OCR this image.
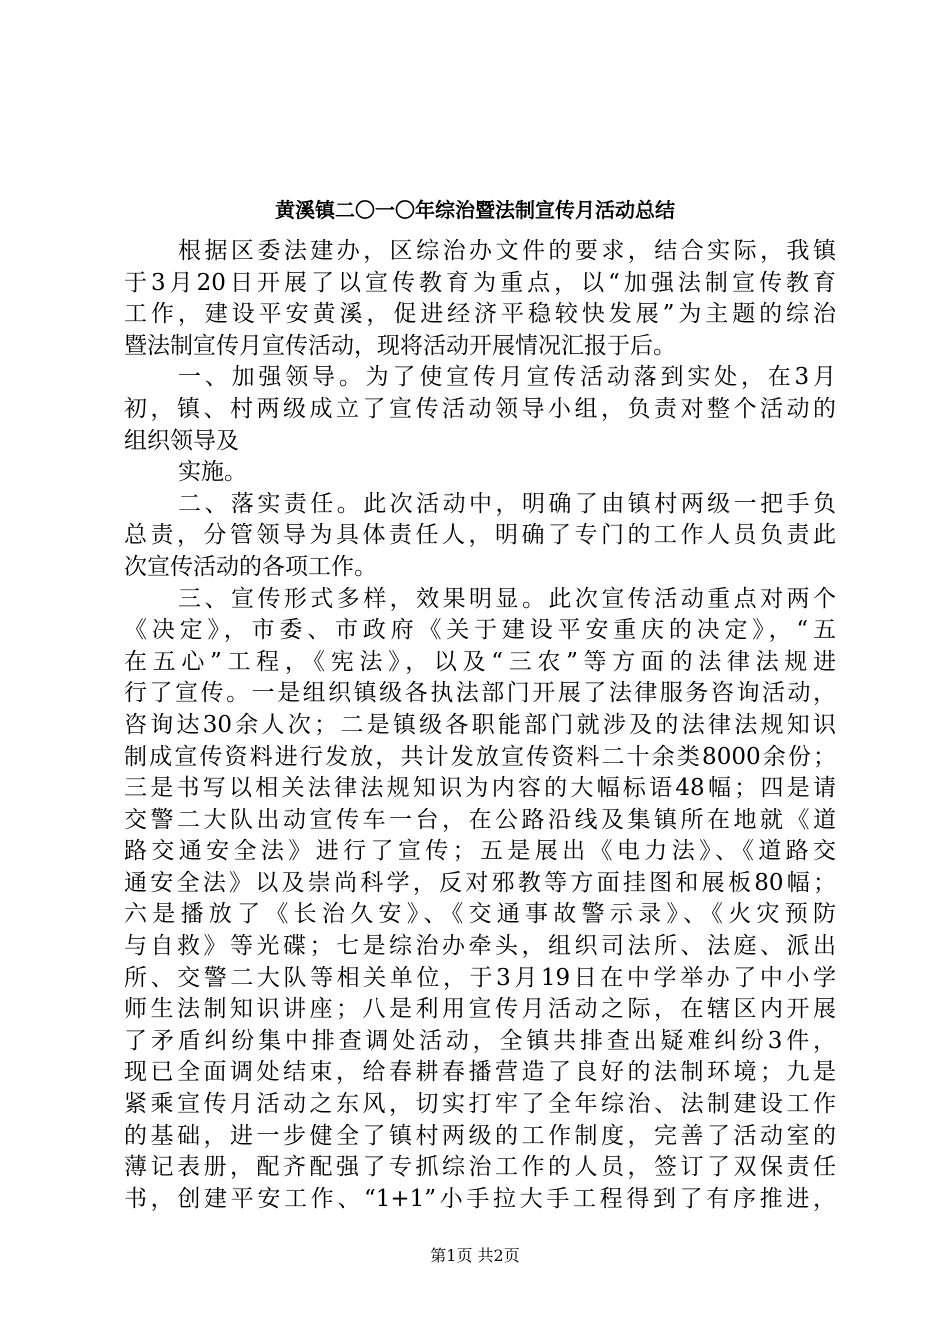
黄溪镇二〇一〇年综治暨法制宣传月活动总结
根据区委法建办，区综治办文件的要求，结合实际，我镇
于3月20日开展了以宣传教育为重点，以“加强法制宣传教育
工作，建设平安黄溪，促进经济平稳较快发展”为主题的综治
暨法制宣传月宣传活动，现将活动开展情况汇报于后。
一、加强领导。为了使宣传月宣传活动落到实处，在3月
初，镇、村两级成立了宣传活动领导小组，负责对整个活动的
组织领导及
实施。
二、落实责任。此次活动中，明确了由镇村两级一把手负
总责，分管领导为具体责任人，明确了专门的工作人员负责此
次宣传活动的各项工作。
三、宣传形式多样，效果明显。此次宣传活动重点对两个
《决定》，市委、市政府《关于建设平安重庆的决定》，“五
在五心”工程，《宪法》，以及“三农”等方面的法律法规进
行了宣传。一是组织镇级各执法部门开展了法律服务咨询活动，
咨询达30余人次；二是镇级各职能部门就涉及的法律法规知识
制成宣传资料进行发放，共计发放宣传资料二十余类8000余份；
三是书写以相关法律法规知识为内容的大幅标语48幅；四是请
交警二大队出动宣传车一台，在公路沿线及集镇所在地就《道
路交通安全法》进行了宣传；五是展出《电力法》、《道路交
通安全法》以及崇尚科学，反对邪教等方面挂图和展板80幅；
六是播放了《长治久安》、《交通事故警示录》、《火灾预防
与自救》等光碟；七是综治办牵头，组织司法所、法庭、派出
所、交警二大队等相关单位，于3月19日在中学举办了中小学
师生法制知识讲座；八是利用宣传月活动之际，在辖区内开展
了矛盾纠纷集中排查调处活动，全镇共排查出疑难纠纷3件，
现已全面调处结束，给春耕春播营造了良好的法制环境；九是
紧乘宣传月活动之东风，切实打牢了全年综治、法制建设工作
的基础，进一步健全了镇村两级的工作制度，完善了活动室的
薄记表册，配齐配强了专抓综治工作的人员，签订了双保责任
书，创建平安工作、“1+1”小手拉大手工程得到了有序推进，
第1页 共2页
